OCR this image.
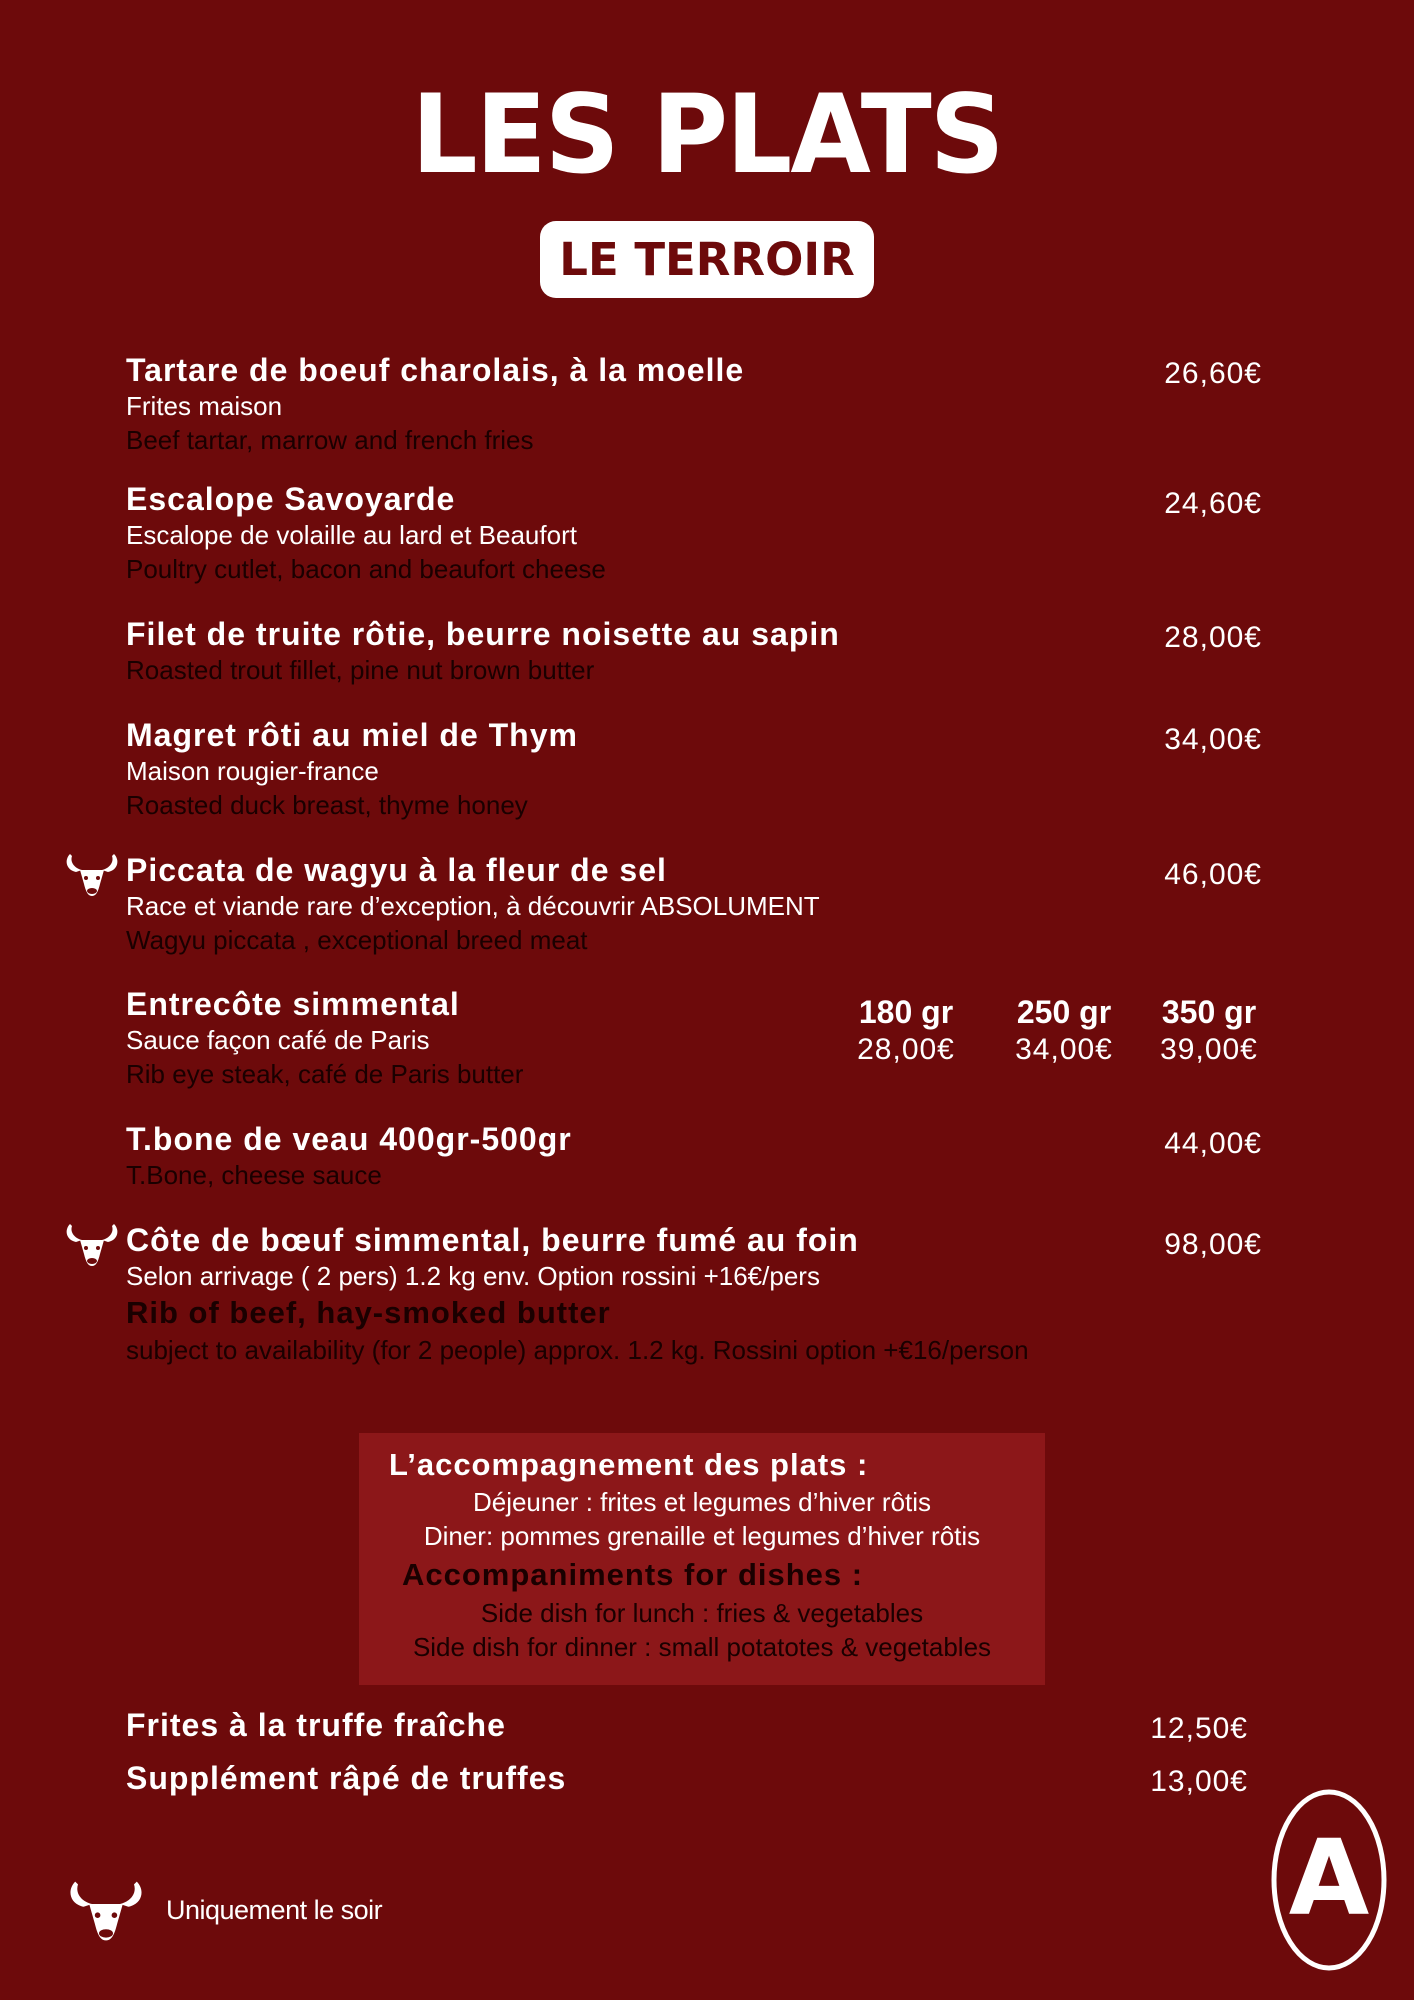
LES PLATS
LE TERROIR
Tartare de boeuf charolais, à la moelle
Frites maison
Beef tartar, marrow and french fries
26,60€
Escalope Savoyarde
Escalope de volaille au lard et Beaufort
Poultry cutlet, bacon and beaufort cheese
24,60€
Filet de truite rôtie, beurre noisette au sapin
Roasted trout fillet, pine nut brown butter
28,00€
Magret rôti au miel de Thym
Maison rougier-france
Roasted duck breast, thyme honey
34,00€
Piccata de wagyu à la fleur de sel
Race et viande rare d’exception, à découvrir ABSOLUMENT
Wagyu piccata , exceptional breed meat
46,00€
Entrecôte simmental
Sauce façon café de Paris
Rib eye steak, café de Paris butter
180 gr
28,00€
250 gr
34,00€
350 gr
39,00€
T.bone de veau 400gr-500gr
T.Bone, cheese sauce
44,00€
Côte de bœuf simmental, beurre fumé au foin
Selon arrivage ( 2 pers) 1.2 kg env. Option rossini +16€/pers
Rib of beef, hay-smoked butter
subject to availability (for 2 people) approx. 1.2 kg. Rossini option +€16/person
98,00€
L’accompagnement des plats :
Déjeuner : frites et legumes d’hiver rôtis
Diner: pommes grenaille et legumes d’hiver rôtis
Accompaniments for dishes :
Side dish for lunch : fries & vegetables
Side dish for dinner : small potatotes & vegetables
Frites à la truffe fraîche	12,50€
Supplément râpé de truffes	13,00€
Uniquement le soir	A
